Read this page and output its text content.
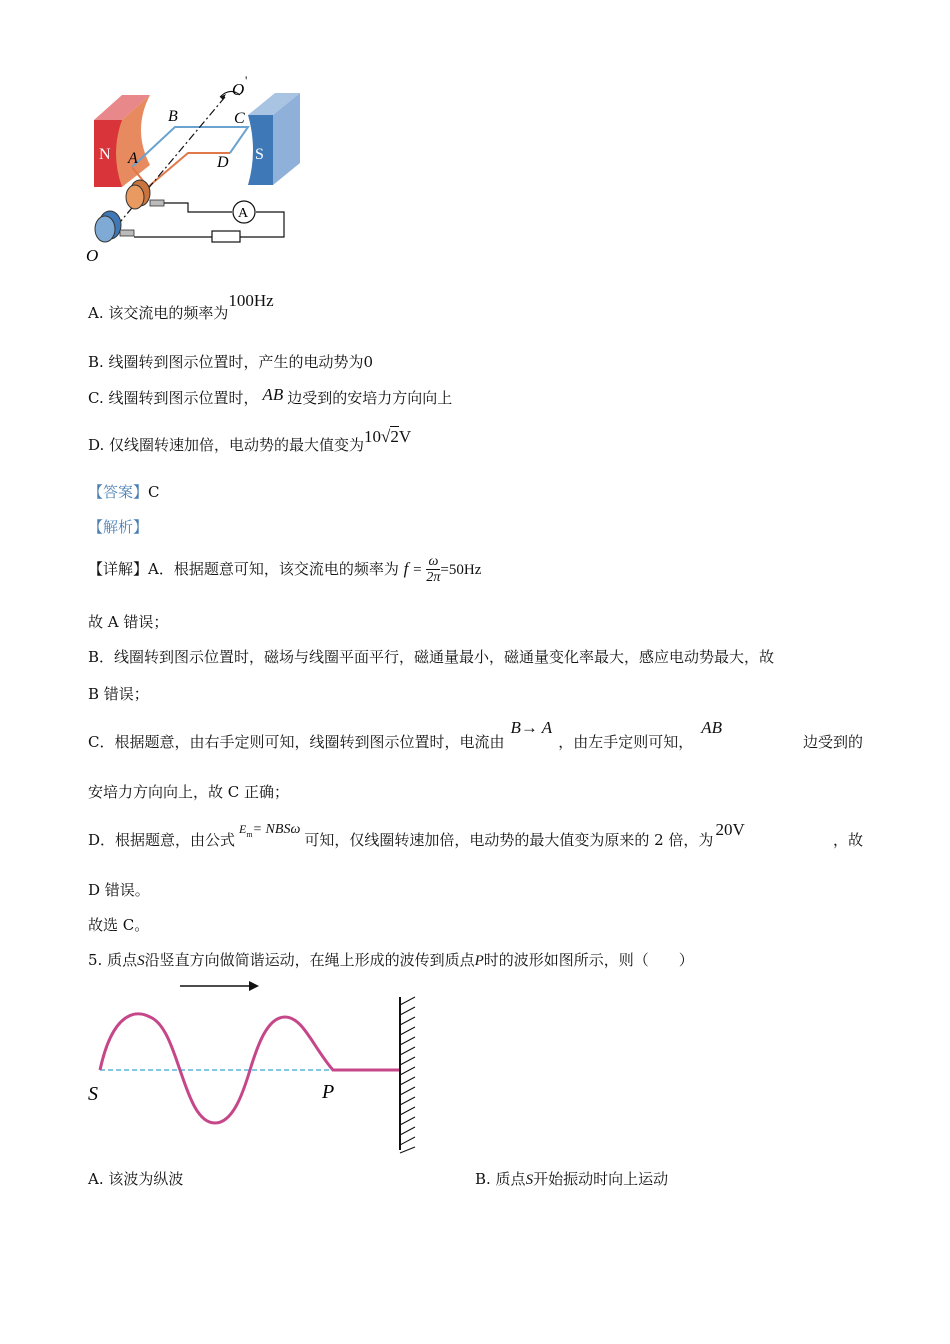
A
O '
B	C
A	D
N	S
O
A. 该交流电的频率为100Hz
B. 线圈转到图示位置时，产生的电动势为0
C. 线圈转到图示位置时， AB 边受到的安培力方向向上
D. 仅线圈转速加倍，电动势的最大值变为10√2V
【答案】C
【解析】
【详解】A．根据题意可知，该交流电的频率为 $f = \frac{\omega}{2\pi} =50Hz$
故 A 错误；
B．线圈转到图示位置时，磁场与线圈平面平行，磁通量最小，磁通量变化率最大，感应电动势最大，故
B 错误；
C．根据题意，由右手定则可知，线圈转到图示位置时，电流由B→ A，由左手定则可知，AB
边受到的
安培力方向向上，故 C 正确；
D．根据题意，由公式$E_m= NBS\omega$可知，仅线圈转速加倍，电动势的最大值变为原来的 2 倍，为20V
，故
D 错误。
故选 C。
5. 质点S沿竖直方向做简谐运动，在绳上形成的波传到质点P时的波形如图所示，则（　　）
S	P
A. 该波为纵波	B. 质点S开始振动时向上运动
